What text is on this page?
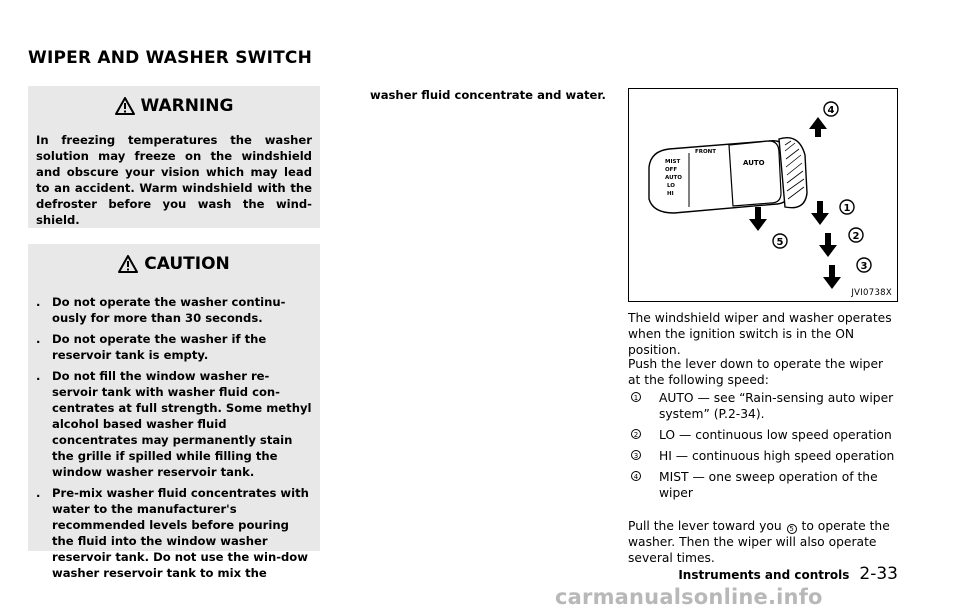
WIPER AND WASHER SWITCH
WARNING

In freezing temperatures the washer solution may freeze on the windshield and obscure your vision which may lead to an accident. Warm windshield with the defroster before you wash the wind-shield.

CAUTION
. Do not operate the washer continu-ously for more than 30 seconds.
. Do not operate the washer if the reservoir tank is empty.
. Do not fill the window washer re-servoir tank with washer fluid con-centrates at full strength. Some methyl alcohol based washer fluid concentrates may permanently stain the grille if spilled while filling the window washer reservoir tank.
. Pre-mix washer fluid concentrates with water to the manufacturer's recommended levels before pouring the fluid into the window washer reservoir tank. Do not use the win-dow washer reservoir tank to mix the

washer fluid concentrate and water.

MIST
OFF
AUTO
LO
HI
FRONT
AUTO
4
1
2
3
5
JVI0738X

The windshield wiper and washer operates when the ignition switch is in the ON position.

Push the lever down to operate the wiper at the following speed:

1 AUTO — see “Rain-sensing auto wiper system” (P.2-34).
2 LO — continuous low speed operation
3 HI — continuous high speed operation
4 MIST — one sweep operation of the wiper

Pull the lever toward you 5 to operate the washer. Then the wiper will also operate several times.

Instruments and controls 2-33
carmanualsonline.info
